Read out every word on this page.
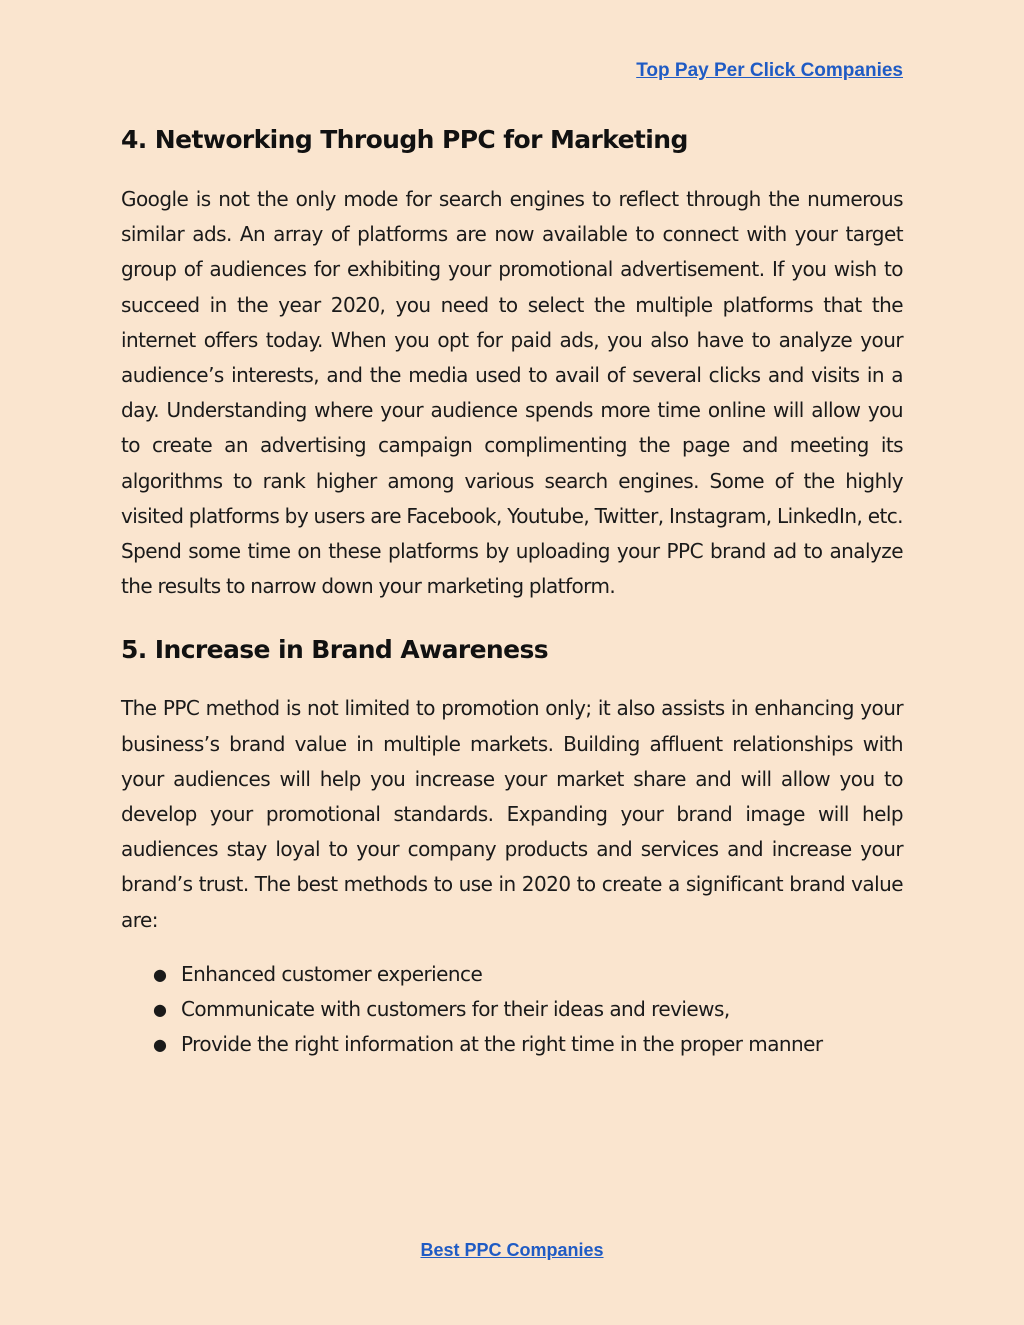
Top Pay Per Click Companies
4. Networking Through PPC for Marketing

Google is not the only mode for search engines to reflect through the numerous similar ads. An array of platforms are now available to connect with your target group of audiences for exhibiting your promotional advertisement. If you wish to succeed in the year 2020, you need to select the multiple platforms that the internet offers today. When you opt for paid ads, you also have to analyze your audience’s interests, and the media used to avail of several clicks and visits in a day. Understanding where your audience spends more time online will allow you to create an advertising campaign complimenting the page and meeting its algorithms to rank higher among various search engines. Some of the highly visited platforms by users are Facebook, Youtube, Twitter, Instagram, LinkedIn, etc. Spend some time on these platforms by uploading your PPC brand ad to analyze the results to narrow down your marketing platform.

5. Increase in Brand Awareness

The PPC method is not limited to promotion only; it also assists in enhancing your business’s brand value in multiple markets. Building affluent relationships with your audiences will help you increase your market share and will allow you to develop your promotional standards. Expanding your brand image will help audiences stay loyal to your company products and services and increase your brand’s trust. The best methods to use in 2020 to create a significant brand value are:

● Enhanced customer experience
● Communicate with customers for their ideas and reviews,
● Provide the right information at the right time in the proper manner
Best PPC Companies
